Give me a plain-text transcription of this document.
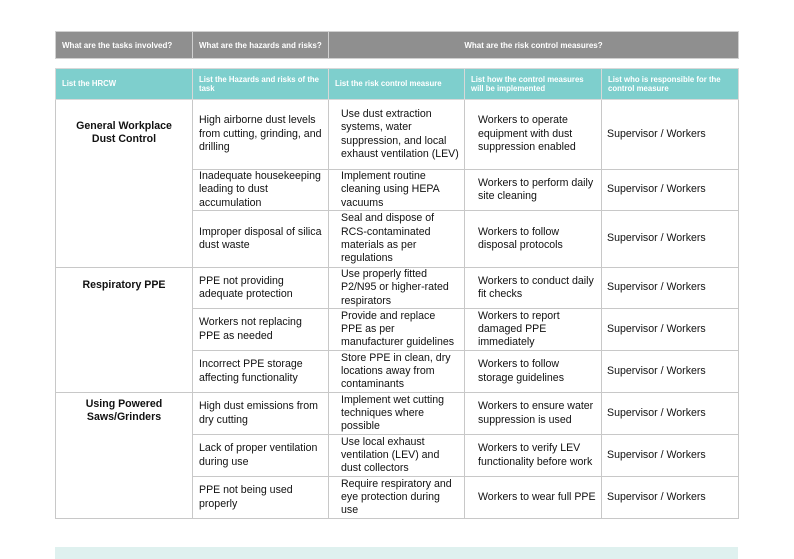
What are the tasks involved?	What are the hazards and risks?	What are the risk control measures?
List the HRCW	List the Hazards and risks of the task	List the risk control measure	List how the control measures will be implemented	List who is responsible for the control measure

General Workplace Dust Control	High airborne dust levels from cutting, grinding, and drilling	Use dust extraction systems, water suppression, and local exhaust ventilation (LEV)	Workers to operate equipment with dust suppression enabled	Supervisor / Workers

	Inadequate housekeeping leading to dust accumulation	Implement routine cleaning using HEPA vacuums	Workers to perform daily site cleaning	Supervisor / Workers
	Improper disposal of silica dust waste	Seal and dispose of RCS-contaminated materials as per regulations	Workers to follow disposal protocols	Supervisor / Workers

Respiratory PPE	PPE not providing adequate protection	Use properly fitted P2/N95 or higher-rated respirators	Workers to conduct daily fit checks	Supervisor / Workers
	Workers not replacing PPE as needed	Provide and replace PPE as per manufacturer guidelines	Workers to report damaged PPE immediately	Supervisor / Workers
	Incorrect PPE storage affecting functionality	Store PPE in clean, dry locations away from contaminants	Workers to follow storage guidelines	Supervisor / Workers

Using Powered Saws/Grinders	High dust emissions from dry cutting	Implement wet cutting techniques where possible	Workers to ensure water suppression is used	Supervisor / Workers
	Lack of proper ventilation during use	Use local exhaust ventilation (LEV) and dust collectors	Workers to verify LEV functionality before work	Supervisor / Workers
	PPE not being used properly	Require respiratory and eye protection during use	Workers to wear full PPE	Supervisor / Workers
